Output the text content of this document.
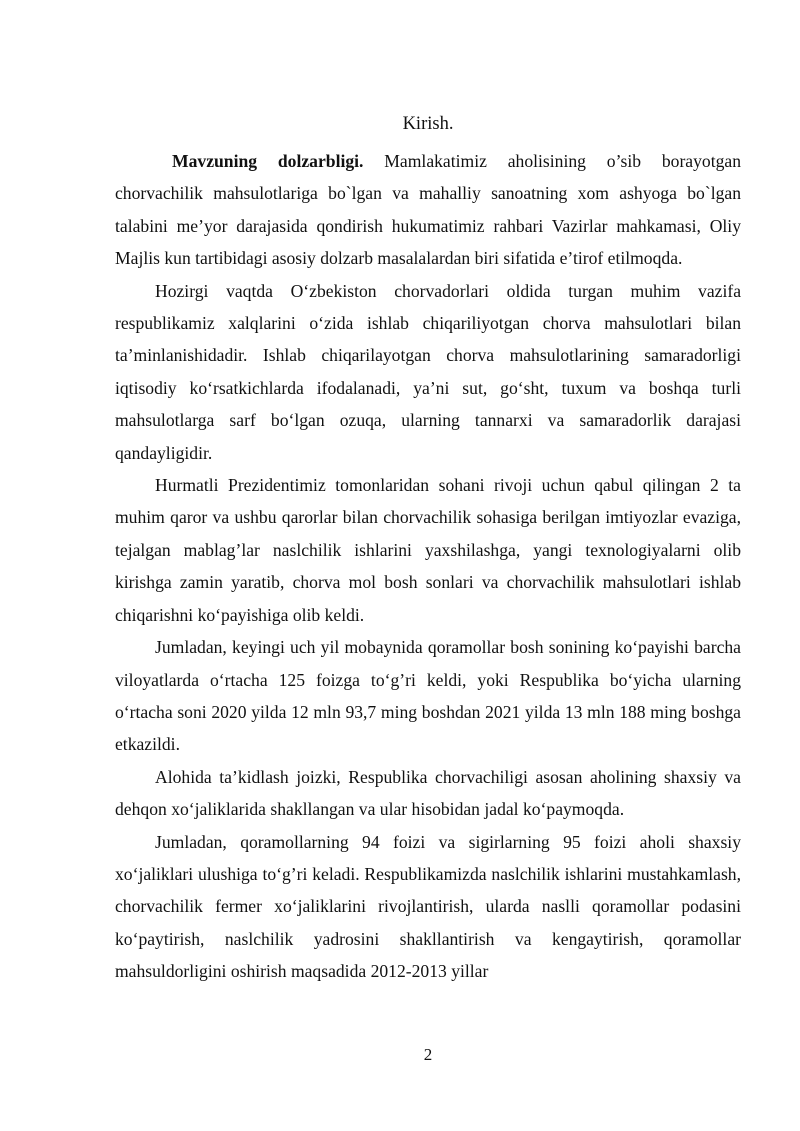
Kirish.

Mavzuning dolzarbligi. Mamlakatimiz aholisining o’sib borayotgan chorvachilik mahsulotlariga bo`lgan va mahalliy sanoatning xom ashyoga bo`lgan talabini me’yor darajasida qondirish hukumatimiz rahbari Vazirlar mahkamasi, Oliy Majlis kun tartibidagi asosiy dolzarb masalalardan biri sifatida e’tirof etilmoqda.

Hozirgi vaqtda O‘zbekiston chorvadorlari oldida turgan muhim vazifa respublikamiz xalqlarini o‘zida ishlab chiqariliyotgan chorva mahsulotlari bilan ta’minlanishidadir. Ishlab chiqarilayotgan chorva mahsulotlarining samaradorligi iqtisodiy ko‘rsatkichlarda ifodalanadi, ya’ni sut, go‘sht, tuxum va boshqa turli mahsulotlarga sarf bo‘lgan ozuqa, ularning tannarxi va samaradorlik darajasi qandayligidir.

Hurmatli Prezidentimiz tomonlaridan sohani rivoji uchun qabul qilingan 2 ta muhim qaror va ushbu qarorlar bilan chorvachilik sohasiga berilgan imtiyozlar evaziga, tejalgan mablag’lar naslchilik ishlarini yaxshilashga, yangi texnologiyalarni olib kirishga zamin yaratib, chorva mol bosh sonlari va chorvachilik mahsulotlari ishlab chiqarishni ko‘payishiga olib keldi.

Jumladan, keyingi uch yil mobaynida qoramollar bosh sonining ko‘payishi barcha viloyatlarda o‘rtacha 125 foizga to‘g’ri keldi, yoki Respublika bo‘yicha ularning o‘rtacha soni 2020 yilda 12 mln 93,7 ming boshdan 2021 yilda 13 mln 188 ming boshga etkazildi.

Alohida ta’kidlash joizki, Respublika chorvachiligi asosan aholining shaxsiy va dehqon xo‘jaliklarida shakllangan va ular hisobidan jadal ko‘paymoqda.

Jumladan, qoramollarning 94 foizi va sigirlarning 95 foizi aholi shaxsiy xo‘jaliklari ulushiga to‘g’ri keladi. Respublikamizda naslchilik ishlarini mustahkamlash, chorvachilik fermer xo‘jaliklarini rivojlantirish, ularda naslli qoramollar podasini ko‘paytirish, naslchilik yadrosini shakllantirish va kengaytirish, qoramollar mahsuldorligini oshirish maqsadida 2012-2013 yillar

2
